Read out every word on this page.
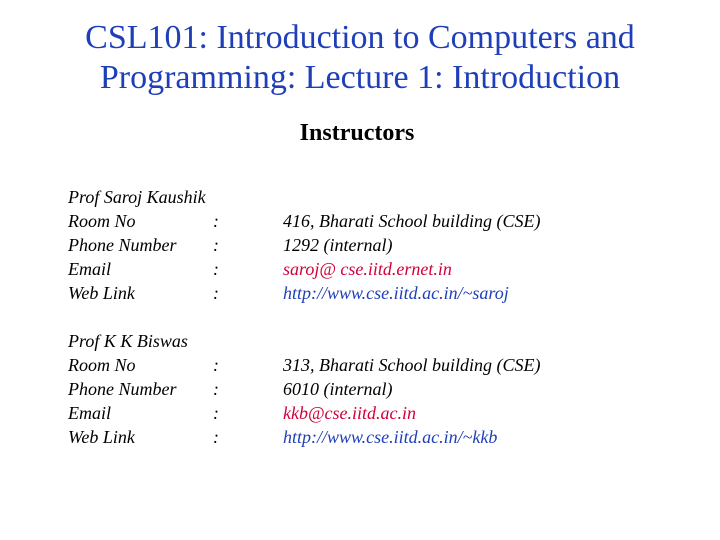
CSL101: Introduction to Computers and
Programming: Lecture 1: Introduction
Instructors
Prof Saroj Kaushik
Room No	:	416, Bharati School building (CSE)
Phone Number :	1292 (internal)
Email	:	saroj@ cse.iitd.ernet.in
Web Link	:	http://www.cse.iitd.ac.in/~saroj
Prof K K Biswas
Room No	:	313, Bharati School building (CSE)
Phone Number :	6010 (internal)
Email	:	kkb@cse.iitd.ac.in
Web Link	:	http://www.cse.iitd.ac.in/~kkb
